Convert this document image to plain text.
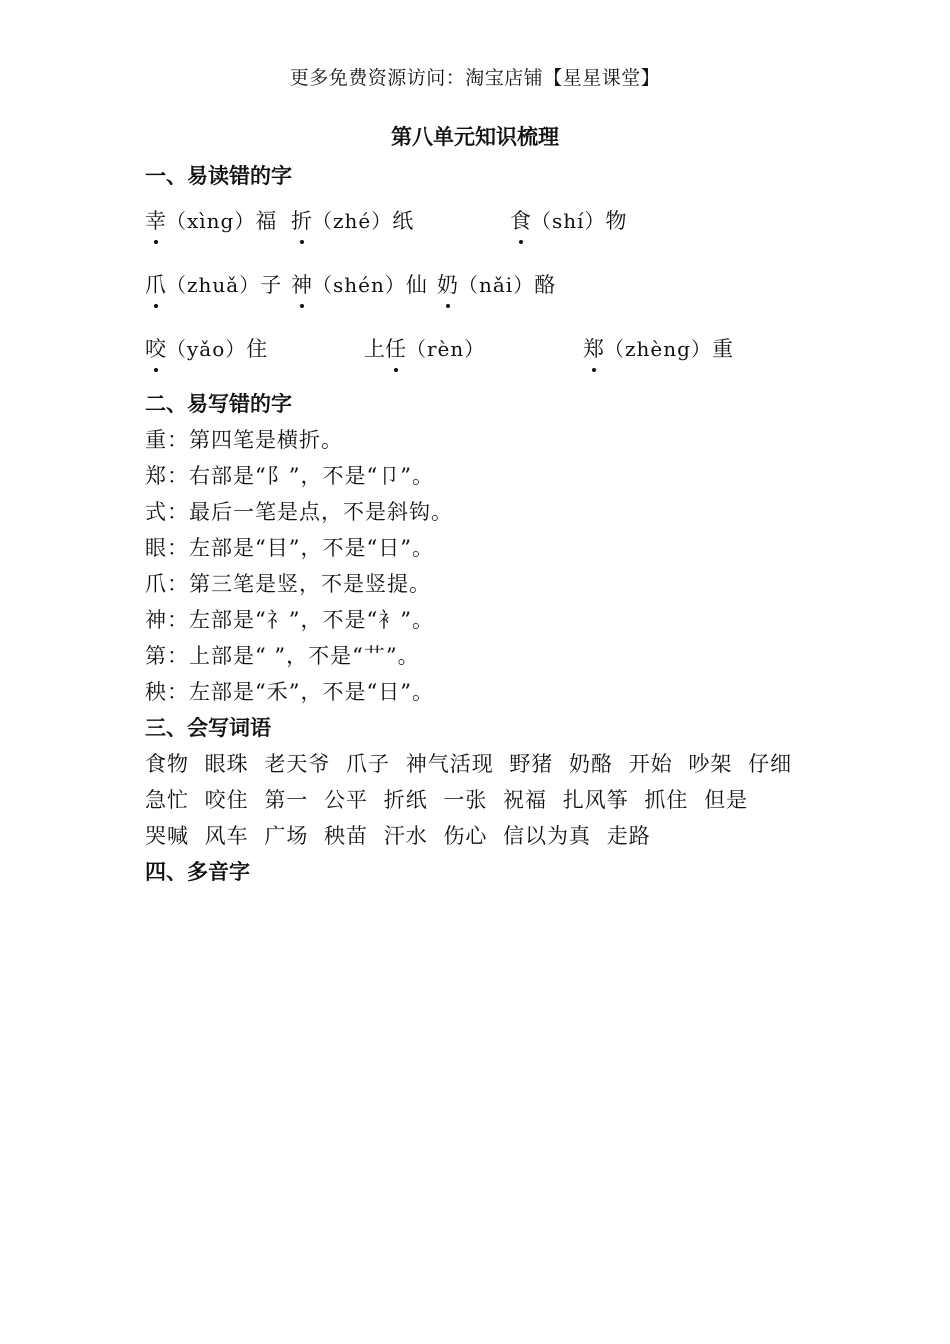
更多免费资源访问：淘宝店铺【星星课堂】
第八单元知识梳理
一、易读错的字
幸（xìng）福 折（zhé）纸	食（shí）物
爪（zhuǎ）子 神（shén）仙 奶（nǎi）酪
咬（yǎo）住	上任（rèn）	郑（zhèng）重
二、易写错的字
重：第四笔是横折。
郑：右部是“阝”，不是“卩”。
式：最后一笔是点，不是斜钩。
眼：左部是“目”，不是“日”。
爪：第三笔是竖，不是竖提。
神：左部是“礻”，不是“衤”。
第：上部是“ ”，不是“艹”。
秧：左部是“禾”，不是“日”。
三、会写词语
食物 眼珠 老天爷 爪子 神气活现 野猪 奶酪 开始 吵架 仔细
急忙 咬住 第一 公平 折纸 一张 祝福 扎风筝 抓住 但是
哭喊 风车 广场 秧苗 汗水 伤心 信以为真 走路
四、多音字
